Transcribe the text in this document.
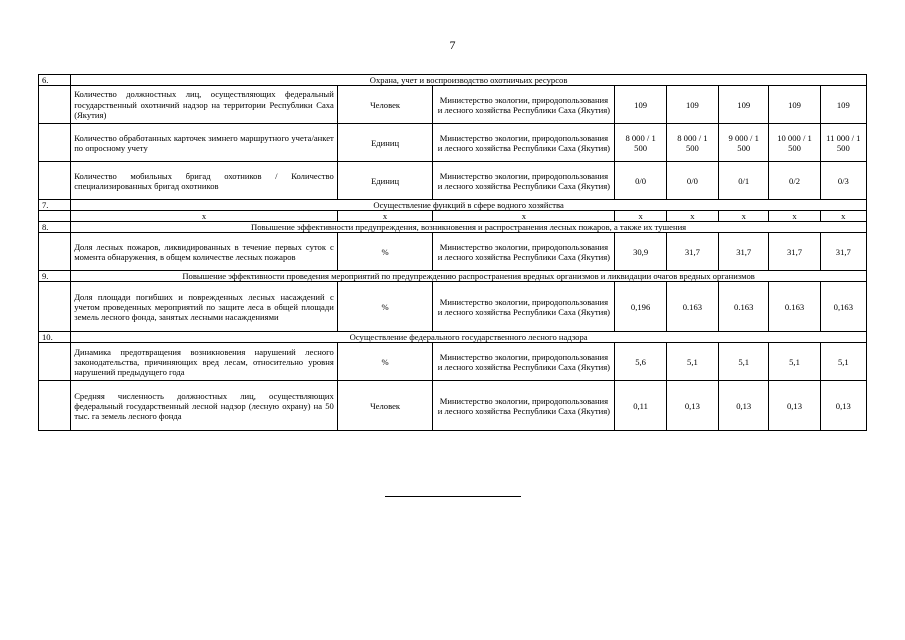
7
6.	Охрана, учет и воспроизводство охотничьих ресурсов							
	Количество должностных лиц, осуществляющих федеральный государственный охотничий надзор на территории Республики Саха (Якутия)	Человек	Министерство экологии, природопользования и лесного хозяйства Республики Саха (Якутия)	109	109	109	109	109
	Количество обработанных карточек зимнего маршрутного учета/анкет по опросному учету	Единиц	Министерство экологии, природопользования и лесного хозяйства Республики Саха (Якутия)	8 000 / 1 500	8 000 / 1 500	9 000 / 1 500	10 000 / 1 500	11 000 / 1 500
	Количество мобильных бригад охотников / Количество специализированных бригад охотников	Единиц	Министерство экологии, природопользования и лесного хозяйства Республики Саха (Якутия)	0/0	0/0	0/1	0/2	0/3
7.	Осуществление функций в сфере водного хозяйства							
	х	х	х	х	х	х	х	х
8.	Повышение эффективности предупреждения, возникновения и распространения лесных пожаров, а также их тушения							
	Доля лесных пожаров, ликвидированных в течение первых суток с момента обнаружения, в общем количестве лесных пожаров	%	Министерство экологии, природопользования и лесного хозяйства Республики Саха (Якутия)	30,9	31,7	31,7	31,7	31,7
9.	Повышение эффективности проведения мероприятий по предупреждению распространения вредных организмов и ликвидации очагов вредных организмов							
	Доля площади погибших и поврежденных лесных насаждений с учетом проведенных мероприятий по защите леса в общей площади земель лесного фонда, занятых лесными насаждениями	%	Министерство экологии, природопользования и лесного хозяйства Республики Саха (Якутия)	0,196	0.163	0.163	0.163	0,163
10.	Осуществление федерального государственного лесного надзора							
	Динамика предотвращения возникновения нарушений лесного законодательства, причиняющих вред лесам, относительно уровня нарушений предыдущего года	%	Министерство экологии, природопользования и лесного хозяйства Республики Саха (Якутия)	5,6	5,1	5,1	5,1	5,1
	Средняя численность должностных лиц, осуществляющих федеральный государственный лесной надзор (лесную охрану) на 50 тыс. га земель лесного фонда	Человек	Министерство экологии, природопользования и лесного хозяйства Республики Саха (Якутия)	0,11	0,13	0,13	0,13	0,13
